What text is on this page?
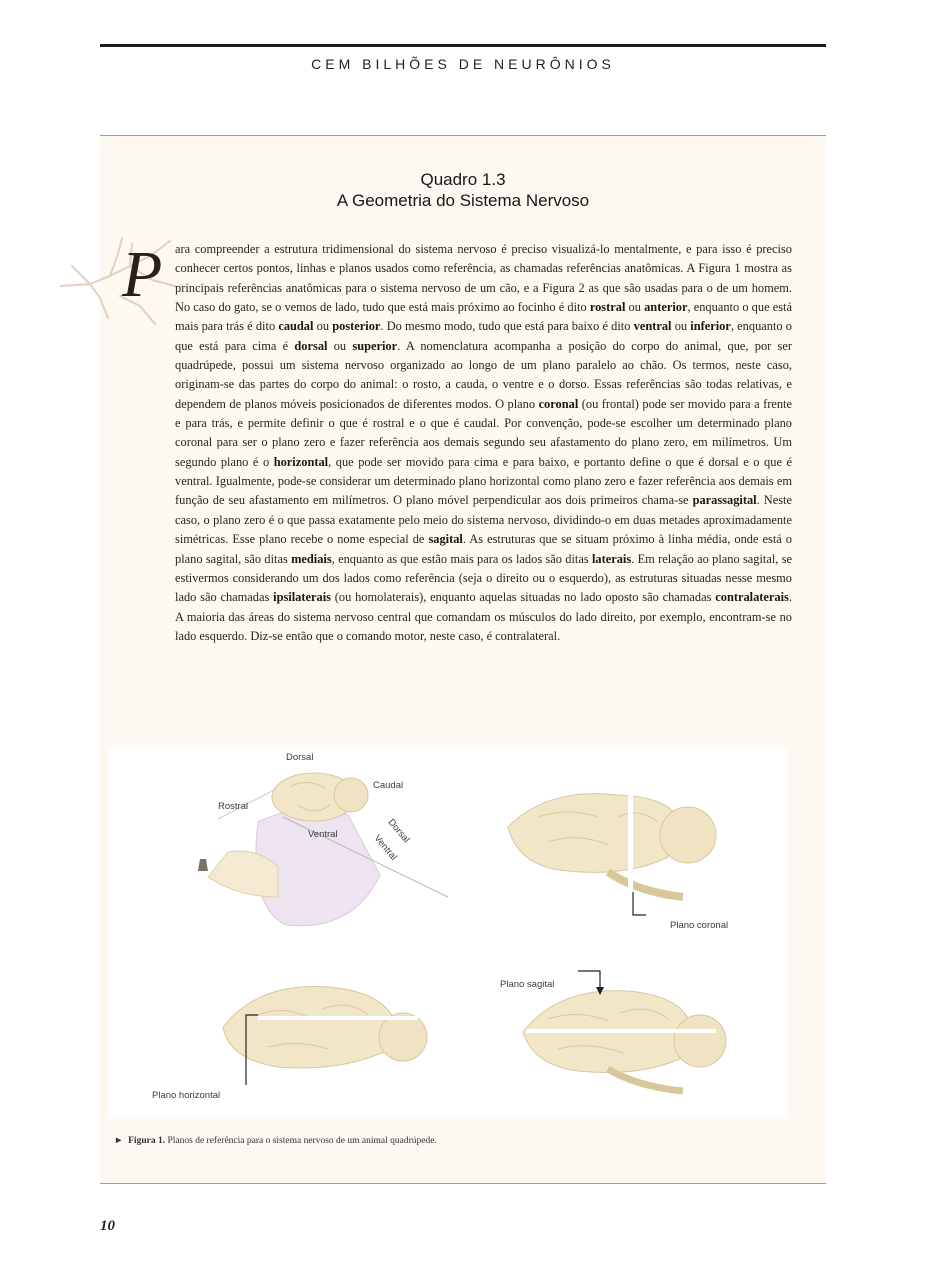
CEM BILHÕES DE NEURÔNIOS
Quadro 1.3
A Geometria do Sistema Nervoso
P	ara compreender a estrutura tridimensional do sistema nervoso é preciso visualizá-lo mentalmente, e para isso é preciso conhecer certos pontos, linhas e planos usados como referência, as chamadas referências anatômicas. A Figura 1 mostra as principais referências anatômicas para o sistema nervoso de um cão, e a Figura 2 as que são usadas para o de um homem. No caso do gato, se o vemos de lado, tudo que está mais próximo ao focinho é dito rostral ou anterior, enquanto o que está mais para trás é dito caudal ou posterior. Do mesmo modo, tudo que está para baixo é dito ventral ou inferior, enquanto o que está para cima é dorsal ou superior. A nomenclatura acompanha a posição do corpo do animal, que, por ser quadrúpede, possui um sistema nervoso organizado ao longo de um plano paralelo ao chão. Os termos, neste caso, originam-se das partes do corpo do animal: o rosto, a cauda, o ventre e o dorso. Essas referências são todas relativas, e dependem de planos móveis posicionados de diferentes modos. O plano coronal (ou frontal) pode ser movido para a frente e para trás, e permite definir o que é rostral e o que é caudal. Por convenção, pode-se escolher um determinado plano coronal para ser o plano zero e fazer referência aos demais segundo seu afastamento do plano zero, em milímetros. Um segundo plano é o horizontal, que pode ser movido para cima e para baixo, e portanto define o que é dorsal e o que é ventral. Igualmente, pode-se considerar um determinado plano horizontal como plano zero e fazer referência aos demais em função de seu afastamento em milímetros. O plano móvel perpendicular aos dois primeiros chama-se parassagital. Neste caso, o plano zero é o que passa exatamente pelo meio do sistema nervoso, dividindo-o em duas metades aproximadamente simétricas. Esse plano recebe o nome especial de sagital. As estruturas que se situam próximo à linha média, onde está o plano sagital, são ditas mediais, enquanto as que estão mais para os lados são ditas laterais. Em relação ao plano sagital, se estivermos considerando um dos lados como referência (seja o direito ou o esquerdo), as estruturas situadas nesse mesmo lado são chamadas ipsilaterais (ou homolaterais), enquanto aquelas situadas no lado oposto são chamadas contralaterais. A maioria das áreas do sistema nervoso central que comandam os músculos do lado direito, por exemplo, encontram-se no lado esquerdo. Diz-se então que o comando motor, neste caso, é contralateral.
Dorsal
Caudal
Rostral
Ventral	Dorsal
Ventral
Plano coronal
Plano sagital
Plano horizontal
► Figura 1. Planos de referência para o sistema nervoso de um animal quadrúpede.
10
